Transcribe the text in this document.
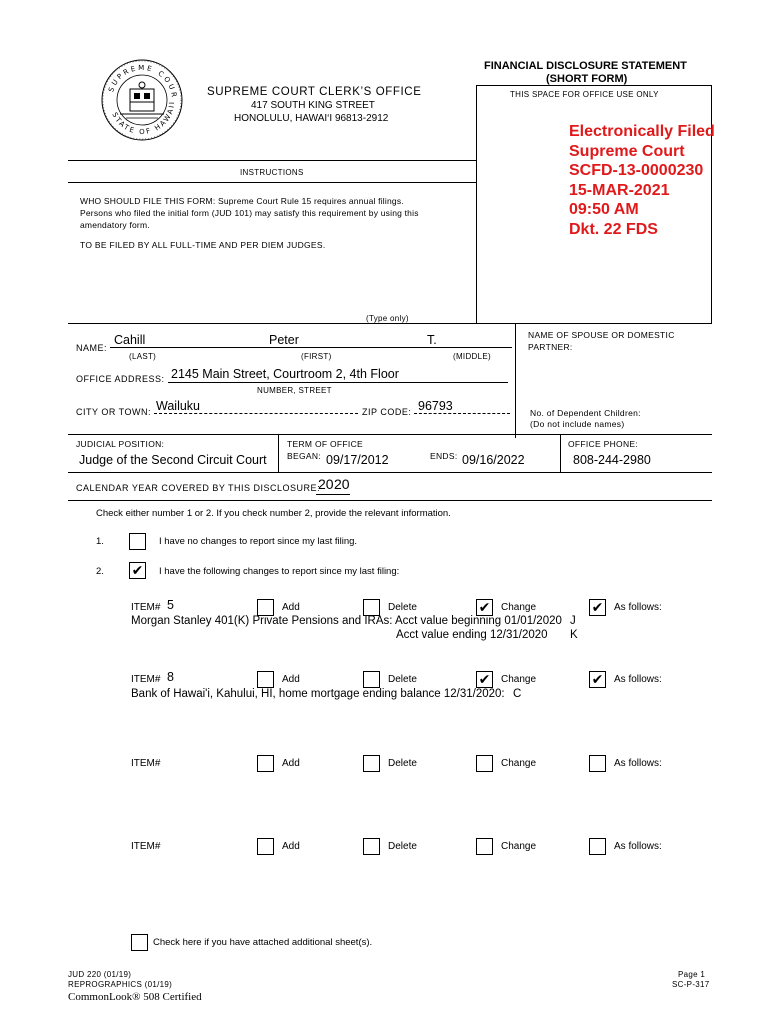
FINANCIAL DISCLOSURE STATEMENT
(SHORT FORM)
THIS SPACE FOR OFFICE USE ONLY
SUPREME COUR
STATE OF HAWAII
SUPREME COURT CLERK’S OFFICE
417 SOUTH KING STREET
HONOLULU, HAWAI‘I 96813-2912
Electronically Filed
Supreme Court
SCFD-13-0000230
15-MAR-2021
09:50 AM
Dkt. 22 FDS
INSTRUCTIONS
WHO SHOULD FILE THIS FORM: Supreme Court Rule 15 requires annual filings.
Persons who filed the initial form (JUD 101) may satisfy this requirement by using this
amendatory form.
TO BE FILED BY ALL FULL-TIME AND PER DIEM JUDGES.
(Type only)
NAME:
Cahill	Peter	T.
(LAST)	(FIRST)	(MIDDLE)
NAME OF SPOUSE OR DOMESTIC
PARTNER:
OFFICE ADDRESS: 2145 Main Street, Courtroom 2, 4th Floor
NUMBER, STREET
CITY OR TOWN: Wailuku	ZIP CODE: 96793	No. of Dependent Children:
(Do not include names)
JUDICIAL POSITION:
Judge of the Second Circuit Court
TERM OF OFFICE
BEGAN: 09/17/2012	ENDS: 09/16/2022
OFFICE PHONE:
808-244-2980
CALENDAR YEAR COVERED BY THIS DISCLOSURE:
20 20
Check either number 1 or 2. If you check number 2, provide the relevant information.
1.	I have no changes to report since my last filing.
2. ✔ I have the following changes to report since my last filing:
ITEM# 5	Add	Delete	✔ Change	✔ As follows:
Morgan Stanley 401(K) Private Pensions and IRAs: Acct value beginning 01/01/2020 J
Acct value ending 12/31/2020 K
ITEM# 8	Add	Delete	✔ Change	✔ As follows:
Bank of Hawai'i, Kahului, HI, home mortgage ending balance 12/31/2020: C
ITEM#	Add	Delete	Change	As follows:
ITEM#	Add	Delete	Change	As follows:
Check here if you have attached additional sheet(s).
JUD 220 (01/19)
REPROGRAPHICS (01/19)
CommonLook® 508 Certified
Page 1
SC-P-317
